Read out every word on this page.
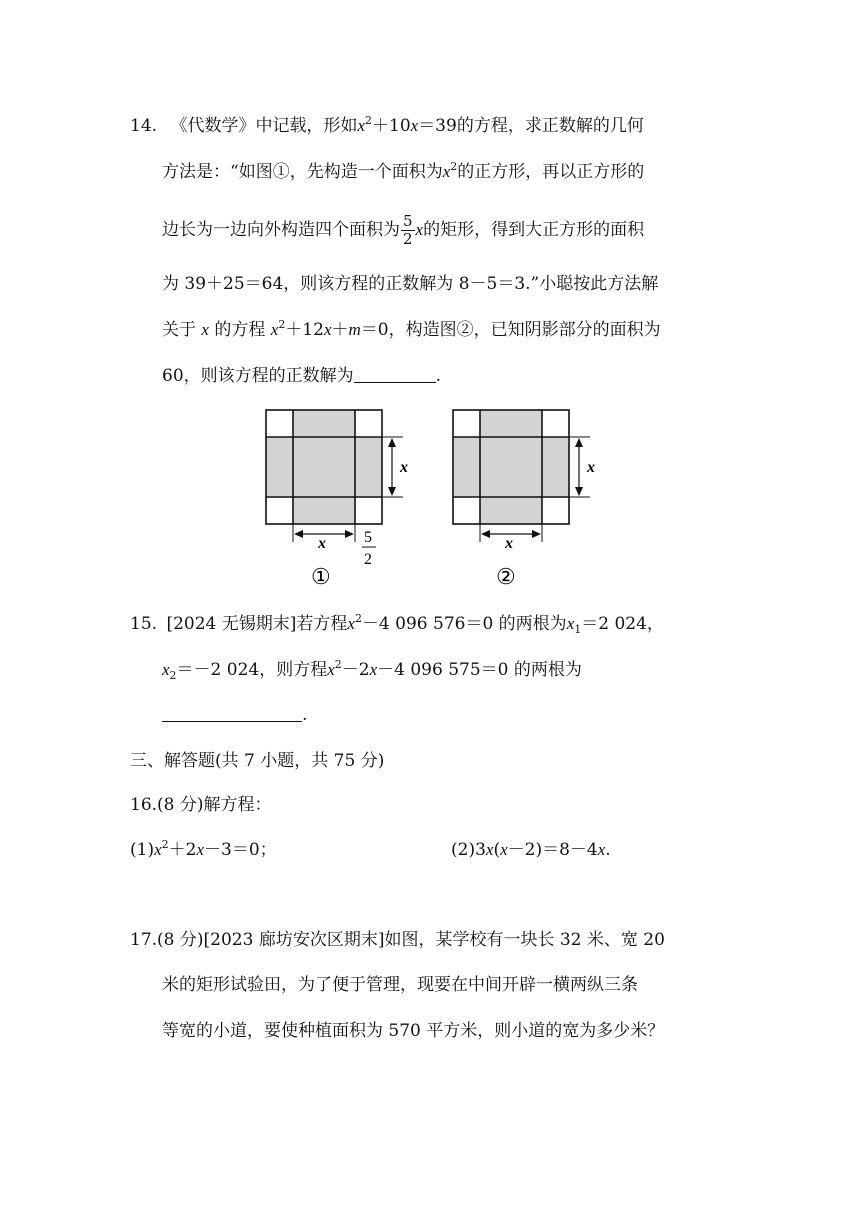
14. 《代数学》中记载，形如$x^2+10x=39$的方程，求正数解的几何
方法是：“如图①，先构造一个面积为$x^2$的正方形，再以正方形的
边长为一边向外构造四个面积为 $\frac{5}{2}$ x的矩形，得到大正方形的面积
为 39＋25＝64，则该方程的正数解为 8－5＝3.”小聪按此方法解
关于 x 的方程 $x^2+12x+m=0$，构造图②，已知阴影部分的面积为
60，则该方程的正数解为	.
x
x 5
2
①
x
x
②
15. [2024 无锡期末]若方程$x^2-4$ 096 576＝0 的两根为$x_1=2$ 024，
$x_2=-2$ 024，则方程$x^2-2x-4$ 096 575＝0 的两根为
.
三、解答题(共 7 小题，共 75 分)
16.(8 分)解方程：
$(1)x^2+2x-3=0$；	(2)3x(x－2)＝8－4x.
17.(8 分)[2023 廊坊安次区期末]如图，某学校有一块长 32 米、宽 20
米的矩形试验田，为了便于管理，现要在中间开辟一横两纵三条
等宽的小道，要使种植面积为 570 平方米，则小道的宽为多少米？
